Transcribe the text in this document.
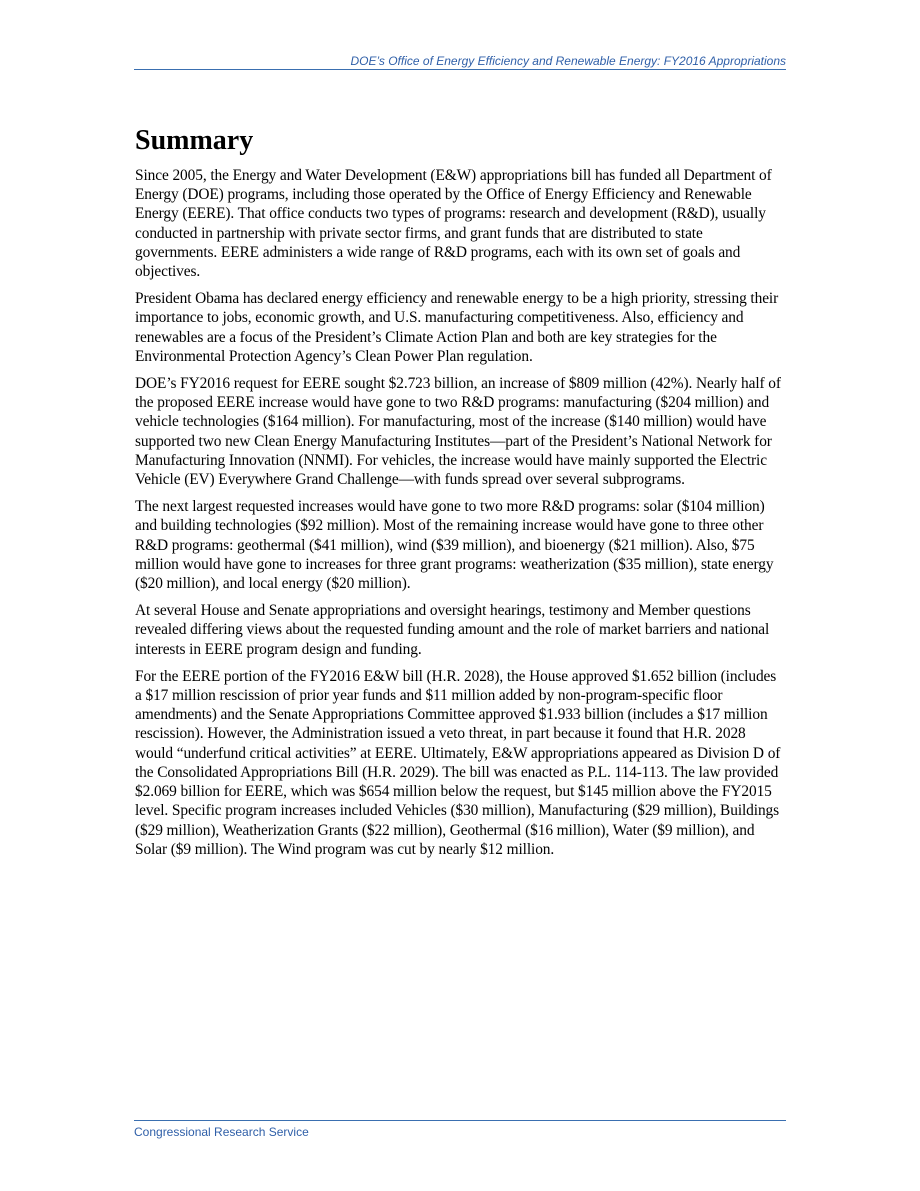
DOE’s Office of Energy Efficiency and Renewable Energy: FY2016 Appropriations
Summary

Since 2005, the Energy and Water Development (E&W) appropriations bill has funded all Department of Energy (DOE) programs, including those operated by the Office of Energy Efficiency and Renewable Energy (EERE). That office conducts two types of programs: research and development (R&D), usually conducted in partnership with private sector firms, and grant funds that are distributed to state governments. EERE administers a wide range of R&D programs, each with its own set of goals and objectives.

President Obama has declared energy efficiency and renewable energy to be a high priority, stressing their importance to jobs, economic growth, and U.S. manufacturing competitiveness. Also, efficiency and renewables are a focus of the President’s Climate Action Plan and both are key strategies for the Environmental Protection Agency’s Clean Power Plan regulation.

DOE’s FY2016 request for EERE sought $2.723 billion, an increase of $809 million (42%). Nearly half of the proposed EERE increase would have gone to two R&D programs: manufacturing ($204 million) and vehicle technologies ($164 million). For manufacturing, most of the increase ($140 million) would have supported two new Clean Energy Manufacturing Institutes—part of the President’s National Network for Manufacturing Innovation (NNMI). For vehicles, the increase would have mainly supported the Electric Vehicle (EV) Everywhere Grand Challenge—with funds spread over several subprograms.

The next largest requested increases would have gone to two more R&D programs: solar ($104 million) and building technologies ($92 million). Most of the remaining increase would have gone to three other R&D programs: geothermal ($41 million), wind ($39 million), and bioenergy ($21 million). Also, $75 million would have gone to increases for three grant programs: weatherization ($35 million), state energy ($20 million), and local energy ($20 million).

At several House and Senate appropriations and oversight hearings, testimony and Member questions revealed differing views about the requested funding amount and the role of market barriers and national interests in EERE program design and funding.

For the EERE portion of the FY2016 E&W bill (H.R. 2028), the House approved $1.652 billion (includes a $17 million rescission of prior year funds and $11 million added by non-program-specific floor amendments) and the Senate Appropriations Committee approved $1.933 billion (includes a $17 million rescission). However, the Administration issued a veto threat, in part because it found that H.R. 2028 would “underfund critical activities” at EERE. Ultimately, E&W appropriations appeared as Division D of the Consolidated Appropriations Bill (H.R. 2029). The bill was enacted as P.L. 114-113. The law provided $2.069 billion for EERE, which was $654 million below the request, but $145 million above the FY2015 level. Specific program increases included Vehicles ($30 million), Manufacturing ($29 million), Buildings ($29 million), Weatherization Grants ($22 million), Geothermal ($16 million), Water ($9 million), and Solar ($9 million). The Wind program was cut by nearly $12 million.

Congressional Research Service
